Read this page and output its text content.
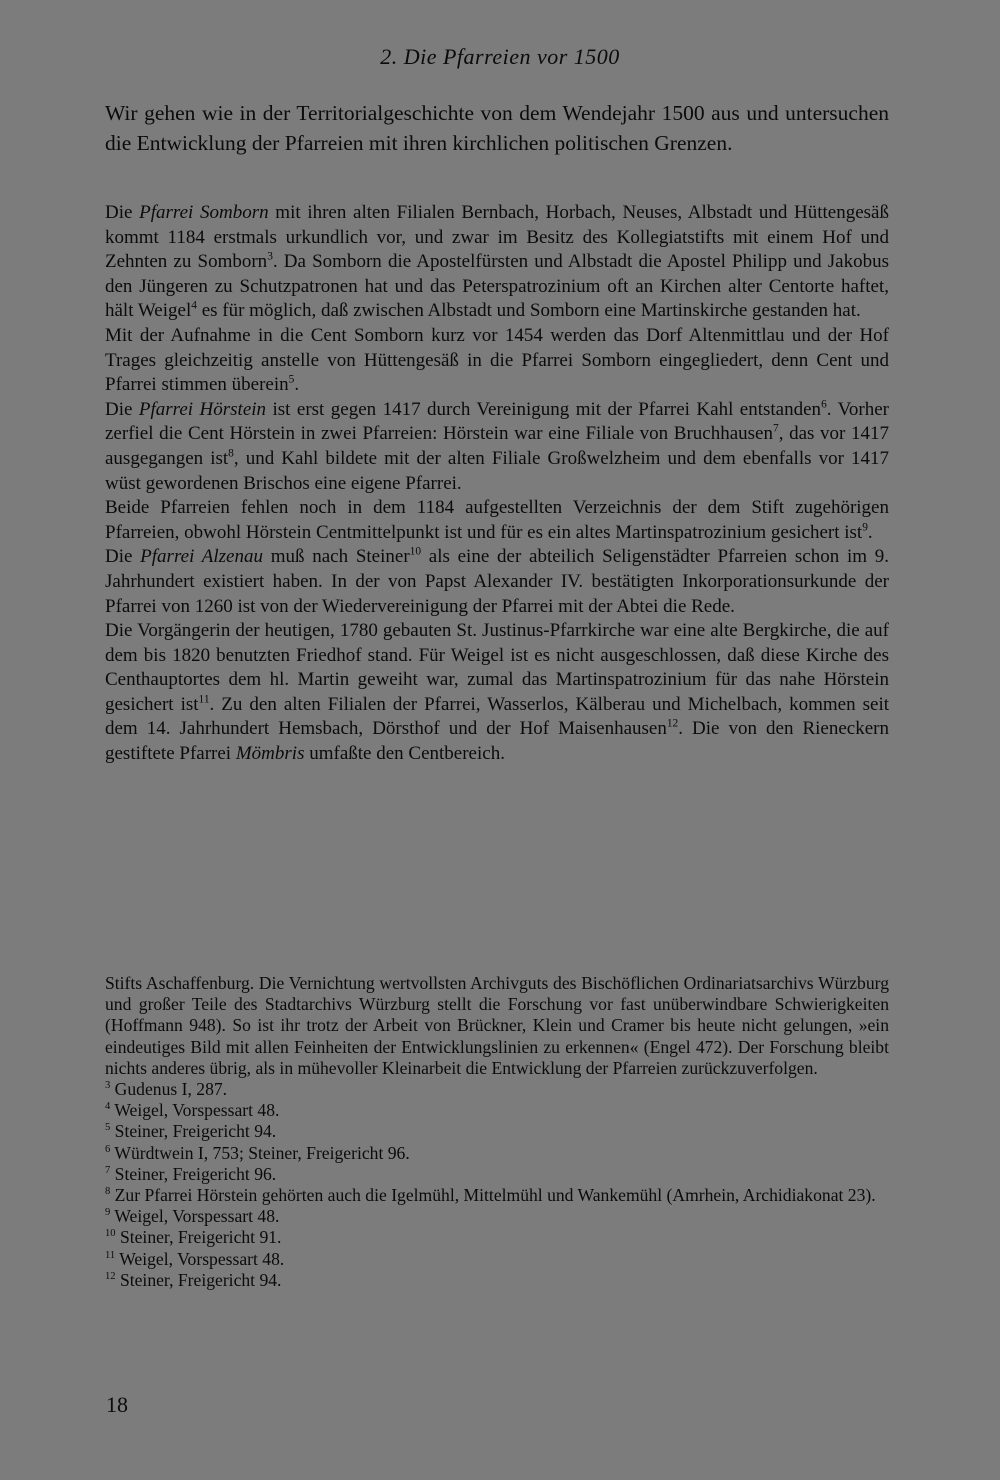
2. Die Pfarreien vor 1500

Wir gehen wie in der Territorialgeschichte von dem Wendejahr 1500 aus und untersuchen die Entwicklung der Pfarreien mit ihren kirchlichen politischen Grenzen.

Die Pfarrei Somborn mit ihren alten Filialen Bernbach, Horbach, Neuses, Albstadt und Hüttengesäß kommt 1184 erstmals urkundlich vor, und zwar im Besitz des Kollegiatstifts mit einem Hof und Zehnten zu Somborn$^3$. Da Somborn die Apostelfürsten und Albstadt die Apostel Philipp und Jakobus den Jüngeren zu Schutzpatronen hat und das Peterspatrozinium oft an Kirchen alter Centorte haftet, hält Weigel$^4$ es für möglich, daß zwischen Albstadt und Somborn eine Martinskirche gestanden hat.

Mit der Aufnahme in die Cent Somborn kurz vor 1454 werden das Dorf Altenmittlau und der Hof Trages gleichzeitig anstelle von Hüttengesäß in die Pfarrei Somborn eingegliedert, denn Cent und Pfarrei stimmen überein$^5$.

Die Pfarrei Hörstein ist erst gegen 1417 durch Vereinigung mit der Pfarrei Kahl entstanden$^6$. Vorher zerfiel die Cent Hörstein in zwei Pfarreien: Hörstein war eine Filiale von Bruchhausen$^7$, das vor 1417 ausgegangen ist$^8$, und Kahl bildete mit der alten Filiale Großwelzheim und dem ebenfalls vor 1417 wüst gewordenen Brischos eine eigene Pfarrei.

Beide Pfarreien fehlen noch in dem 1184 aufgestellten Verzeichnis der dem Stift zugehörigen Pfarreien, obwohl Hörstein Centmittelpunkt ist und für es ein altes Martinspatrozinium gesichert ist$^9$.

Die Pfarrei Alzenau muß nach Steiner$^{10}$ als eine der abteilich Seligenstädter Pfarreien schon im 9. Jahrhundert existiert haben. In der von Papst Alexander IV. bestätigten Inkorporationsurkunde der Pfarrei von 1260 ist von der Wiedervereinigung der Pfarrei mit der Abtei die Rede.

Die Vorgängerin der heutigen, 1780 gebauten St. Justinus-Pfarrkirche war eine alte Bergkirche, die auf dem bis 1820 benutzten Friedhof stand. Für Weigel ist es nicht ausgeschlossen, daß diese Kirche des Centhauptortes dem hl. Martin geweiht war, zumal das Martinspatrozinium für das nahe Hörstein gesichert ist$^{11}$. Zu den alten Filialen der Pfarrei, Wasserlos, Kälberau und Michelbach, kommen seit dem 14. Jahrhundert Hemsbach, Dörsthof und der Hof Maisenhausen$^{12}$. Die von den Rieneckern gestiftete Pfarrei Mömbris umfaßte den Centbereich.

Stifts Aschaffenburg. Die Vernichtung wertvollsten Archivguts des Bischöflichen Ordinariatsarchivs Würzburg und großer Teile des Stadtarchivs Würzburg stellt die Forschung vor fast unüberwindbare Schwierigkeiten (Hoffmann 948). So ist ihr trotz der Arbeit von Brückner, Klein und Cramer bis heute nicht gelungen, »ein eindeutiges Bild mit allen Feinheiten der Entwicklungslinien zu erkennen« (Engel 472). Der Forschung bleibt nichts anderes übrig, als in mühevoller Kleinarbeit die Entwicklung der Pfarreien zurückzuverfolgen.

$^3$ Gudenus I, 287.

$^4$ Weigel, Vorspessart 48.

$^5$ Steiner, Freigericht 94.

$^6$ Würdtwein I, 753; Steiner, Freigericht 96.

$^7$ Steiner, Freigericht 96.

$^8$ Zur Pfarrei Hörstein gehörten auch die Igelmühl, Mittelmühl und Wankemühl (Amrhein, Archidiakonat 23).

$^9$ Weigel, Vorspessart 48.

$^{10}$ Steiner, Freigericht 91.

$^{11}$ Weigel, Vorspessart 48.

$^{12}$ Steiner, Freigericht 94.

18
